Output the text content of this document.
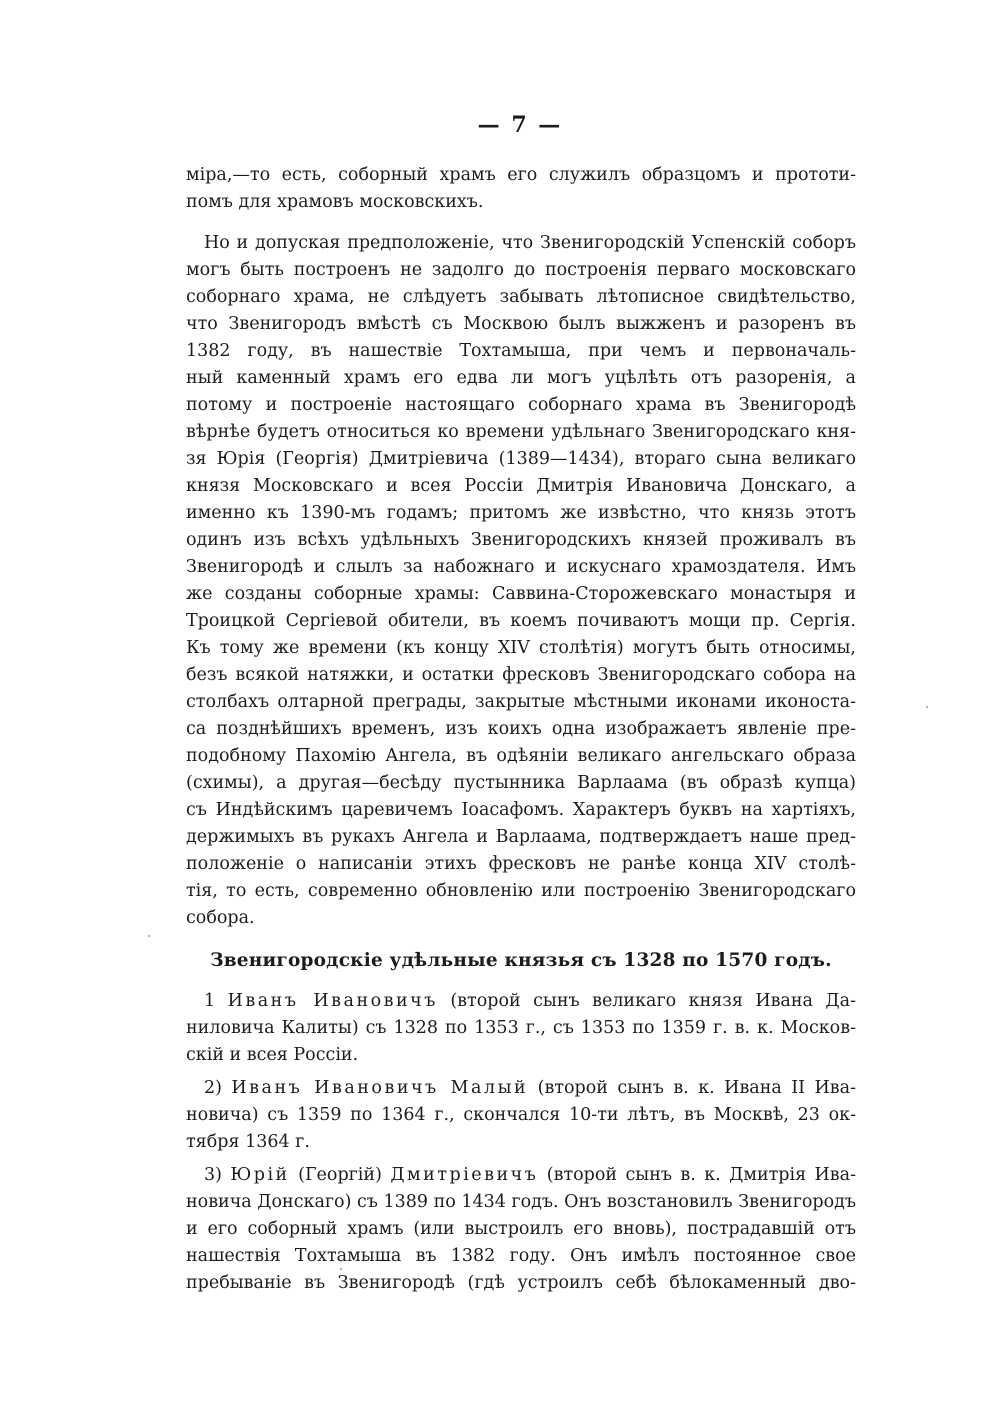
— 7 —
міра,—то есть, соборный храмъ его служилъ образцомъ и прототи-
помъ для храмовъ московскихъ.
Но и допуская предположеніе, что Звенигородскій Успенскій соборъ
могъ быть построенъ не задолго до построенія перваго московскаго
соборнаго храма, не слѣдуетъ забывать лѣтописное свидѣтельство,
что Звенигородъ вмѣстѣ съ Москвою былъ выжженъ и разоренъ въ
1382 году, въ нашествіе Тохтамыша, при чемъ и первоначаль-
ный каменный храмъ его едва ли могъ уцѣлѣть отъ разоренія, а
потому и построеніе настоящаго соборнаго храма въ Звенигородѣ
вѣрнѣе будетъ относиться ко времени удѣльнаго Звенигородскаго кня-
зя Юрія (Георгія) Дмитріевича (1389—1434), втораго сына великаго
князя Московскаго и всея Россіи Дмитрія Ивановича Донскаго, а
именно къ 1390-мъ годамъ; притомъ же извѣстно, что князь этотъ
одинъ изъ всѣхъ удѣльныхъ Звенигородскихъ князей проживалъ въ
Звенигородѣ и слылъ за набожнаго и искуснаго храмоздателя. Имъ
же созданы соборные храмы: Саввина-Сторожевскаго монастыря и
Троицкой Сергіевой обители, въ коемъ почиваютъ мощи пр. Сергія.
Къ тому же времени (къ концу XIV столѣтія) могутъ быть относимы,
безъ всякой натяжки, и остатки фресковъ Звенигородскаго собора на
столбахъ олтарной преграды, закрытые мѣстными иконами иконоста-
са позднѣйшихъ временъ, изъ коихъ одна изображаетъ явленіе пре-
подобному Пахомію Ангела, въ одѣяніи великаго ангельскаго образа
(схимы), а другая—бесѣду пустынника Варлаама (въ образѣ купца)
съ Индѣйскимъ царевичемъ Іоасафомъ. Характеръ буквъ на хартіяхъ,
держимыхъ въ рукахъ Ангела и Варлаама, подтверждаетъ наше пред-
положеніе о написаніи этихъ фресковъ не ранѣе конца XIV столѣ-
тія, то есть, современно обновленію или построенію Звенигородскаго
собора.
Звенигородскіе удѣльные князья съ 1328 по 1570 годъ.
1 Иванъ Ивановичъ (второй сынъ великаго князя Ивана Да-
ниловича Калиты) съ 1328 по 1353 г., съ 1353 по 1359 г. в. к. Москов-
скій и всея Россіи.
2) Иванъ Ивановичъ Малый (второй сынъ в. к. Ивана II Ива-
новича) съ 1359 по 1364 г., скончался 10-ти лѣтъ, въ Москвѣ, 23 ок-
тября 1364 г.
3) Юрій (Георгій) Дмитріевичъ (второй сынъ в. к. Дмитрія Ива-
новича Донскаго) съ 1389 по 1434 годъ. Онъ возстановилъ Звенигородъ
и его соборный храмъ (или выстроилъ его вновь), пострадавшій отъ
нашествія Тохтамыша въ 1382 году. Онъ имѣлъ постоянное свое
пребываніе въ Звенигородѣ (гдѣ устроилъ себѣ бѣлокаменный дво-
